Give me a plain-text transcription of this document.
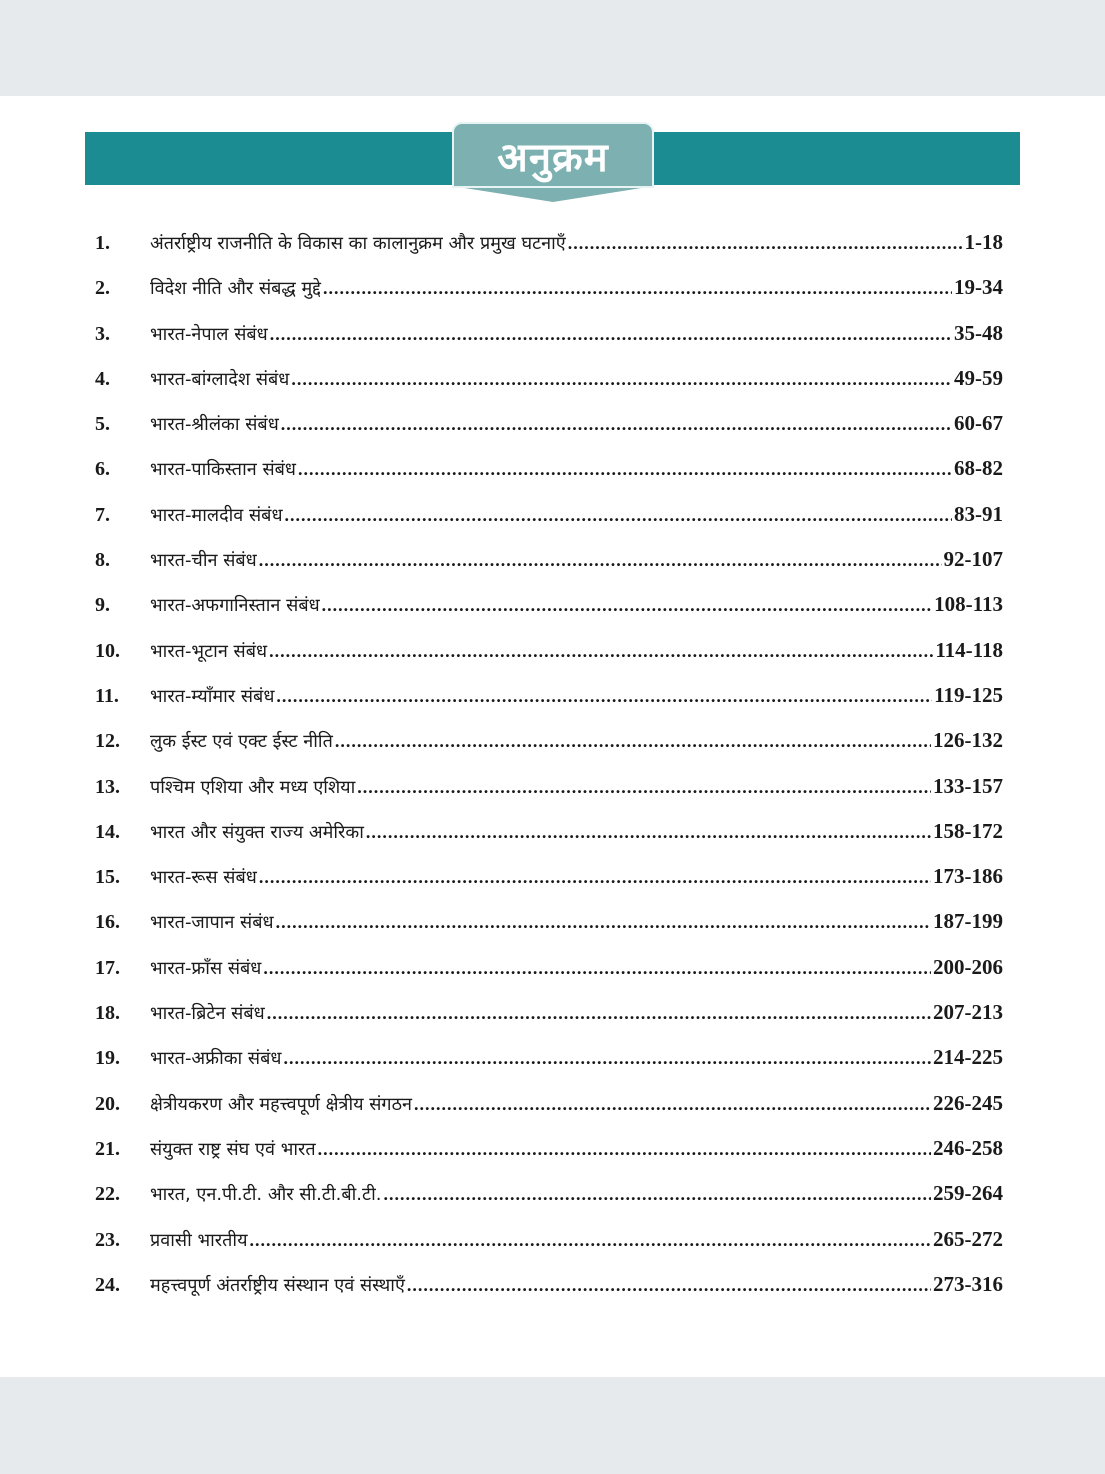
अनुक्रम
1.	अंतर्राष्ट्रीय राजनीति के विकास का कालानुक्रम और प्रमुख घटनाएँ .....	1-18
2.	विदेश नीति और संबद्ध मुद्दे .....	19-34
3.	भारत-नेपाल संबंध .....	35-48
4.	भारत-बांग्लादेश संबंध .....	49-59
5.	भारत-श्रीलंका संबंध .....	60-67
6.	भारत-पाकिस्तान संबंध .....	68-82
7.	भारत-मालदीव संबंध .....	83-91
8.	भारत-चीन संबंध .....	92-107
9.	भारत-अफगानिस्तान संबंध .....	108-113
10.	भारत-भूटान संबंध .....	114-118
11.	भारत-म्याँमार संबंध .....	119-125
12.	लुक ईस्ट एवं एक्ट ईस्ट नीति .....	126-132
13.	पश्चिम एशिया और मध्य एशिया .....	133-157
14.	भारत और संयुक्त राज्य अमेरिका .....	158-172
15.	भारत-रूस संबंध .....	173-186
16.	भारत-जापान संबंध .....	187-199
17.	भारत-फ्राँस संबंध .....	200-206
18.	भारत-ब्रिटेन संबंध .....	207-213
19.	भारत-अफ्रीका संबंध .....	214-225
20.	क्षेत्रीयकरण और महत्त्वपूर्ण क्षेत्रीय संगठन .....	226-245
21.	संयुक्त राष्ट्र संघ एवं भारत .....	246-258
22.	भारत, एन.पी.टी. और सी.टी.बी.टी. .....	259-264
23.	प्रवासी भारतीय .....	265-272
24.	महत्त्वपूर्ण अंतर्राष्ट्रीय संस्थान एवं संस्थाएँ .....	273-316
